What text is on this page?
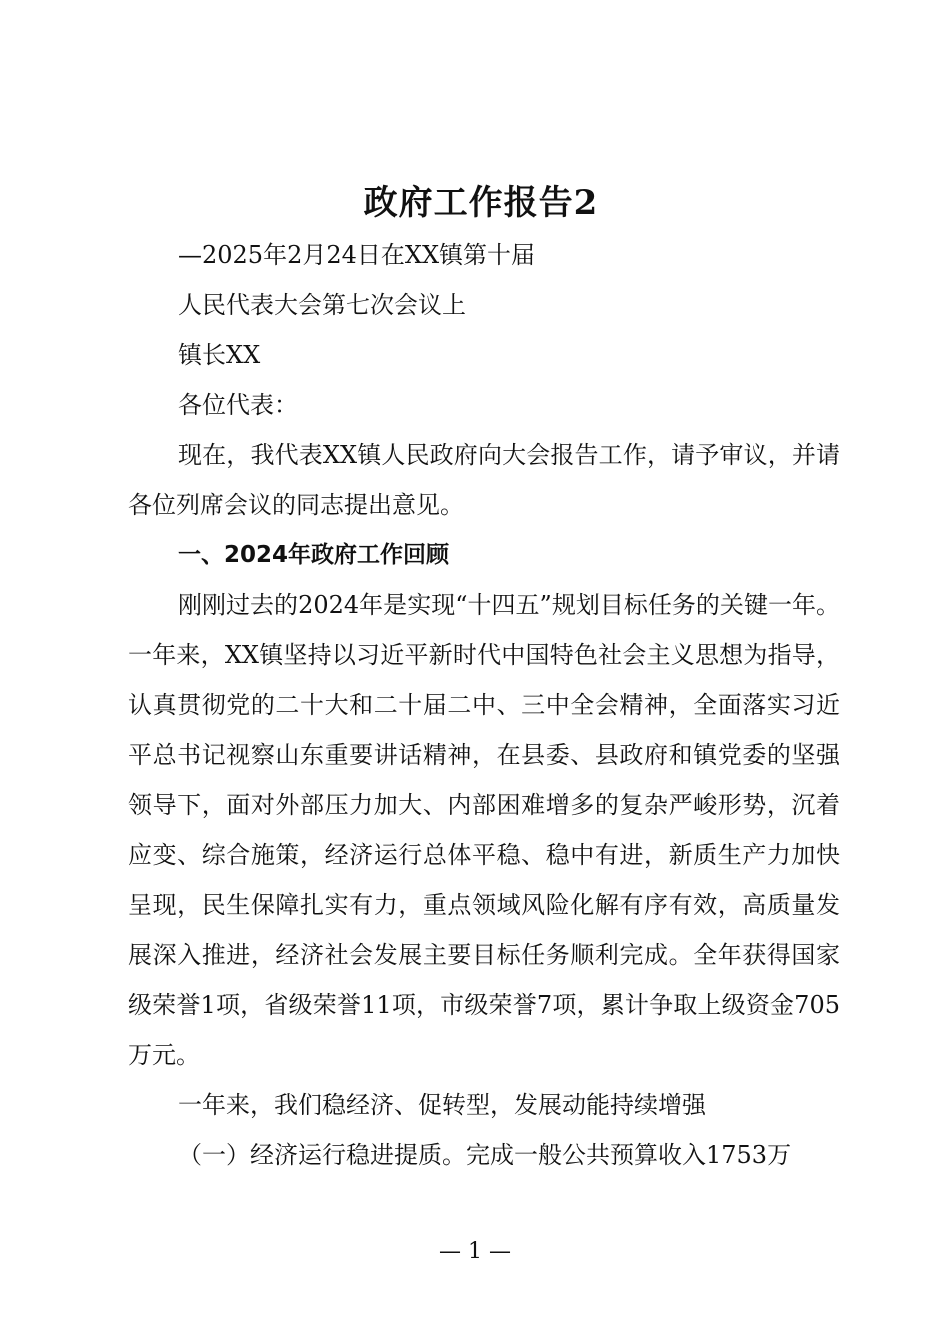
政府工作报告2

—2025年2月24日在XX镇第十届

人民代表大会第七次会议上

镇长XX

各位代表：

现在，我代表XX镇人民政府向大会报告工作，请予审议，并请各位列席会议的同志提出意见。

一、2024年政府工作回顾

刚刚过去的2024年是实现“十四五”规划目标任务的关键一年。一年来，XX镇坚持以习近平新时代中国特色社会主义思想为指导，认真贯彻党的二十大和二十届二中、三中全会精神，全面落实习近平总书记视察山东重要讲话精神，在县委、县政府和镇党委的坚强领导下，面对外部压力加大、内部困难增多的复杂严峻形势，沉着应变、综合施策，经济运行总体平稳、稳中有进，新质生产力加快呈现，民生保障扎实有力，重点领域风险化解有序有效，高质量发展深入推进，经济社会发展主要目标任务顺利完成。全年获得国家级荣誉1项，省级荣誉11项，市级荣誉7项，累计争取上级资金705万元。

一年来，我们稳经济、促转型，发展动能持续增强

（一）经济运行稳进提质。完成一般公共预算收入1753万

— 1 —
